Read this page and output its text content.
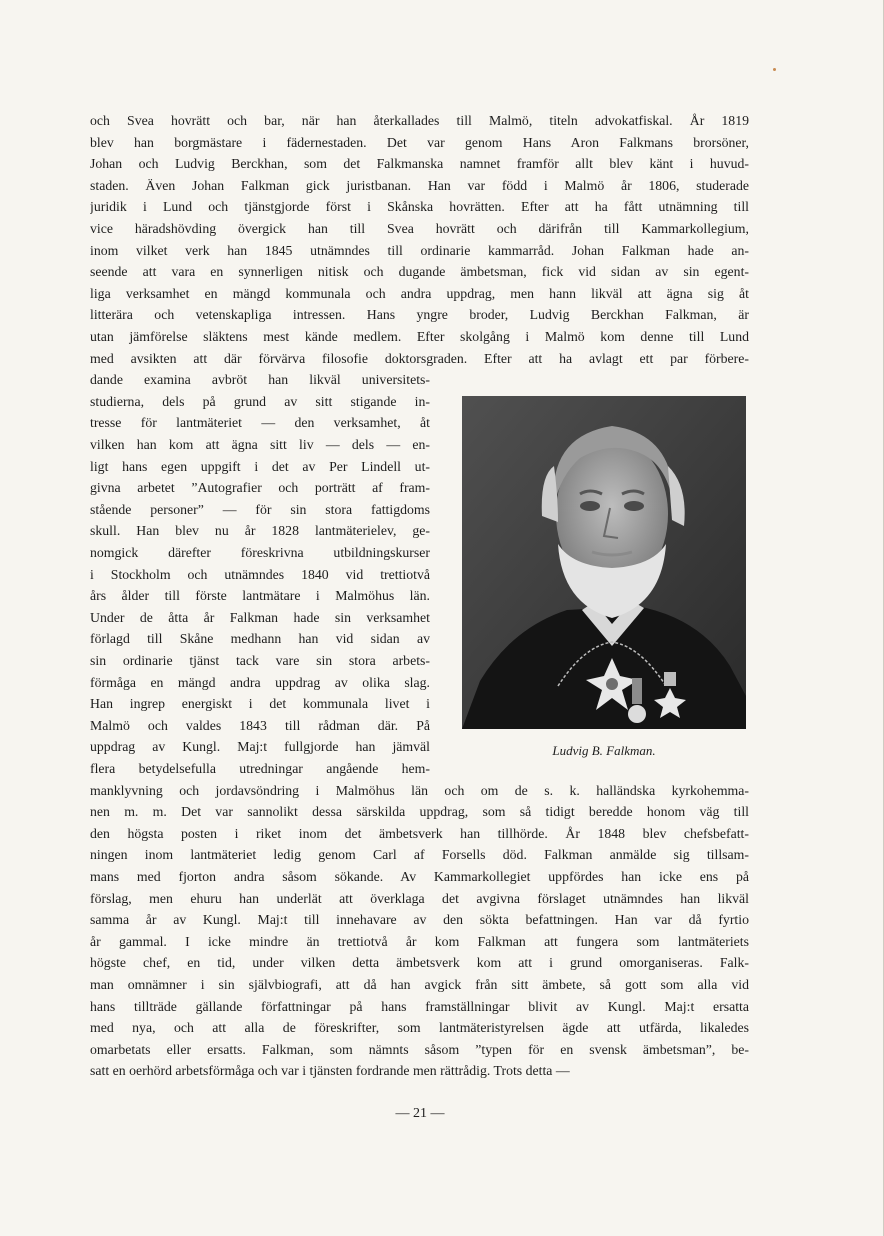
och Svea hovrätt och bar, när han återkallades till Malmö, titeln advokatfiskal. År 1819
blev han borgmästare i fädernestaden. Det var genom Hans Aron Falkmans brorsöner,
Johan och Ludvig Berckhan, som det Falkmanska namnet framför allt blev känt i huvud-
staden. Även Johan Falkman gick juristbanan. Han var född i Malmö år 1806, studerade
juridik i Lund och tjänstgjorde först i Skånska hovrätten. Efter att ha fått utnämning till
vice häradshövding övergick han till Svea hovrätt och därifrån till Kammarkollegium,
inom vilket verk han 1845 utnämndes till ordinarie kammarråd. Johan Falkman hade an-
seende att vara en synnerligen nitisk och dugande ämbetsman, fick vid sidan av sin egent-
liga verksamhet en mängd kommunala och andra uppdrag, men hann likväl att ägna sig åt
litterära och vetenskapliga intressen. Hans yngre broder, Ludvig Berckhan Falkman, är
utan jämförelse släktens mest kände medlem. Efter skolgång i Malmö kom denne till Lund
med avsikten att där förvärva filosofie doktorsgraden. Efter att ha avlagt ett par förbere-
dande examina avbröt han likväl universitets-
studierna, dels på grund av sitt stigande in-
tresse för lantmäteriet — den verksamhet, åt
vilken han kom att ägna sitt liv — dels — en-
ligt hans egen uppgift i det av Per Lindell ut-
givna arbetet ”Autografier och porträtt af fram-
stående personer” — för sin stora fattigdoms
skull. Han blev nu år 1828 lantmäterielev, ge-
nomgick därefter föreskrivna utbildningskurser
i Stockholm och utnämndes 1840 vid trettiotvå
års ålder till förste lantmätare i Malmöhus län.
Under de åtta år Falkman hade sin verksamhet
förlagd till Skåne medhann han vid sidan av
sin ordinarie tjänst tack vare sin stora arbets-
förmåga en mängd andra uppdrag av olika slag.
Han ingrep energiskt i det kommunala livet i
Malmö och valdes 1843 till rådman där. På
uppdrag av Kungl. Maj:t fullgjorde han jämväl
flera betydelsefulla utredningar angående hem-
manklyvning och jordavsöndring i Malmöhus län och om de s. k. halländska kyrkohemma-
nen m. m. Det var sannolikt dessa särskilda uppdrag, som så tidigt beredde honom väg till
den högsta posten i riket inom det ämbetsverk han tillhörde. År 1848 blev chefsbefatt-
ningen inom lantmäteriet ledig genom Carl af Forsells död. Falkman anmälde sig tillsam-
mans med fjorton andra såsom sökande. Av Kammarkollegiet uppfördes han icke ens på
förslag, men ehuru han underlät att överklaga det avgivna förslaget utnämndes han likväl
samma år av Kungl. Maj:t till innehavare av den sökta befattningen. Han var då fyrtio
år gammal. I icke mindre än trettiotvå år kom Falkman att fungera som lantmäteriets
högste chef, en tid, under vilken detta ämbetsverk kom att i grund omorganiseras. Falk-
man omnämner i sin självbiografi, att då han avgick från sitt ämbete, så gott som alla vid
hans tillträde gällande författningar på hans framställningar blivit av Kungl. Maj:t ersatta
med nya, och att alla de föreskrifter, som lantmäteristyrelsen ägde att utfärda, likaledes
omarbetats eller ersatts. Falkman, som nämnts såsom ”typen för en svensk ämbetsman”, be-
satt en oerhörd arbetsförmåga och var i tjänsten fordrande men rättrådig. Trots detta —
Ludvig B. Falkman.
— 21 —
